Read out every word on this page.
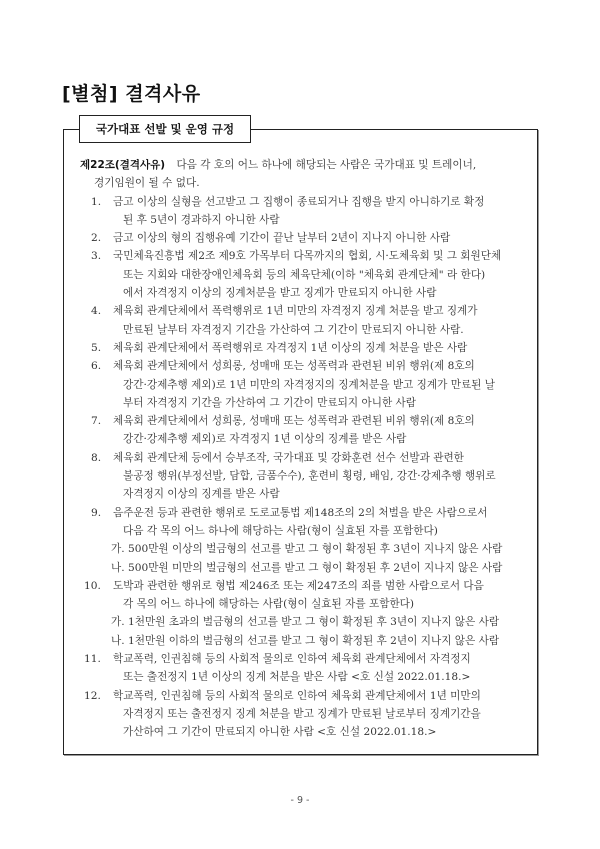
[별첨] 결격사유
국가대표 선발 및 운영 규정
제22조(결격사유) 다음 각 호의 어느 하나에 해당되는 사람은 국가대표 및 트레이너,
경기임원이 될 수 없다.
1. 금고 이상의 실형을 선고받고 그 집행이 종료되거나 집행을 받지 아니하기로 확정
된 후 5년이 경과하지 아니한 사람
2. 금고 이상의 형의 집행유예 기간이 끝난 날부터 2년이 지나지 아니한 사람
3. 국민체육진흥법 제2조 제9호 가목부터 다목까지의 협회, 시·도체육회 및 그 회원단체
또는 지회와 대한장애인체육회 등의 체육단체(이하 "체육회 관계단체" 라 한다)
에서 자격정지 이상의 징계처분을 받고 징계가 만료되지 아니한 사람
4. 체육회 관계단체에서 폭력행위로 1년 미만의 자격정지 징계 처분을 받고 징계가
만료된 날부터 자격정지 기간을 가산하여 그 기간이 만료되지 아니한 사람.
5. 체육회 관계단체에서 폭력행위로 자격정지 1년 이상의 징계 처분을 받은 사람
6. 체육회 관계단체에서 성희롱, 성매매 또는 성폭력과 관련된 비위 행위(제 8호의
강간·강제추행 제외)로 1년 미만의 자격정지의 징계처분을 받고 징계가 만료된 날
부터 자격정지 기간을 가산하여 그 기간이 만료되지 아니한 사람
7. 체육회 관계단체에서 성희롱, 성매매 또는 성폭력과 관련된 비위 행위(제 8호의
강간·강제추행 제외)로 자격정지 1년 이상의 징계를 받은 사람
8. 체육회 관계단체 등에서 승부조작, 국가대표 및 강화훈련 선수 선발과 관련한
불공정 행위(부정선발, 담합, 금품수수), 훈련비 횡령, 배임, 강간·강제추행 행위로
자격정지 이상의 징계를 받은 사람
9. 음주운전 등과 관련한 행위로 도로교통법 제148조의 2의 처벌을 받은 사람으로서
다음 각 목의 어느 하나에 해당하는 사람(형이 실효된 자를 포함한다)
가. 500만원 이상의 벌금형의 선고를 받고 그 형이 확정된 후 3년이 지나지 않은 사람
나. 500만원 미만의 벌금형의 선고를 받고 그 형이 확정된 후 2년이 지나지 않은 사람
10. 도박과 관련한 행위로 형법 제246조 또는 제247조의 죄를 범한 사람으로서 다음
각 목의 어느 하나에 해당하는 사람(형이 실효된 자를 포함한다)
가. 1천만원 초과의 벌금형의 선고를 받고 그 형이 확정된 후 3년이 지나지 않은 사람
나. 1천만원 이하의 벌금형의 선고를 받고 그 형이 확정된 후 2년이 지나지 않은 사람
11. 학교폭력, 인권침해 등의 사회적 물의로 인하여 체육회 관계단체에서 자격정지
또는 출전정지 1년 이상의 징계 처분을 받은 사람 <호 신설 2022.01.18.>
12. 학교폭력, 인권침해 등의 사회적 물의로 인하여 체육회 관계단체에서 1년 미만의
자격정지 또는 출전정지 징계 처분을 받고 징계가 만료된 날로부터 징계기간을
가산하여 그 기간이 만료되지 아니한 사람 <호 신설 2022.01.18.>
- 9 -
